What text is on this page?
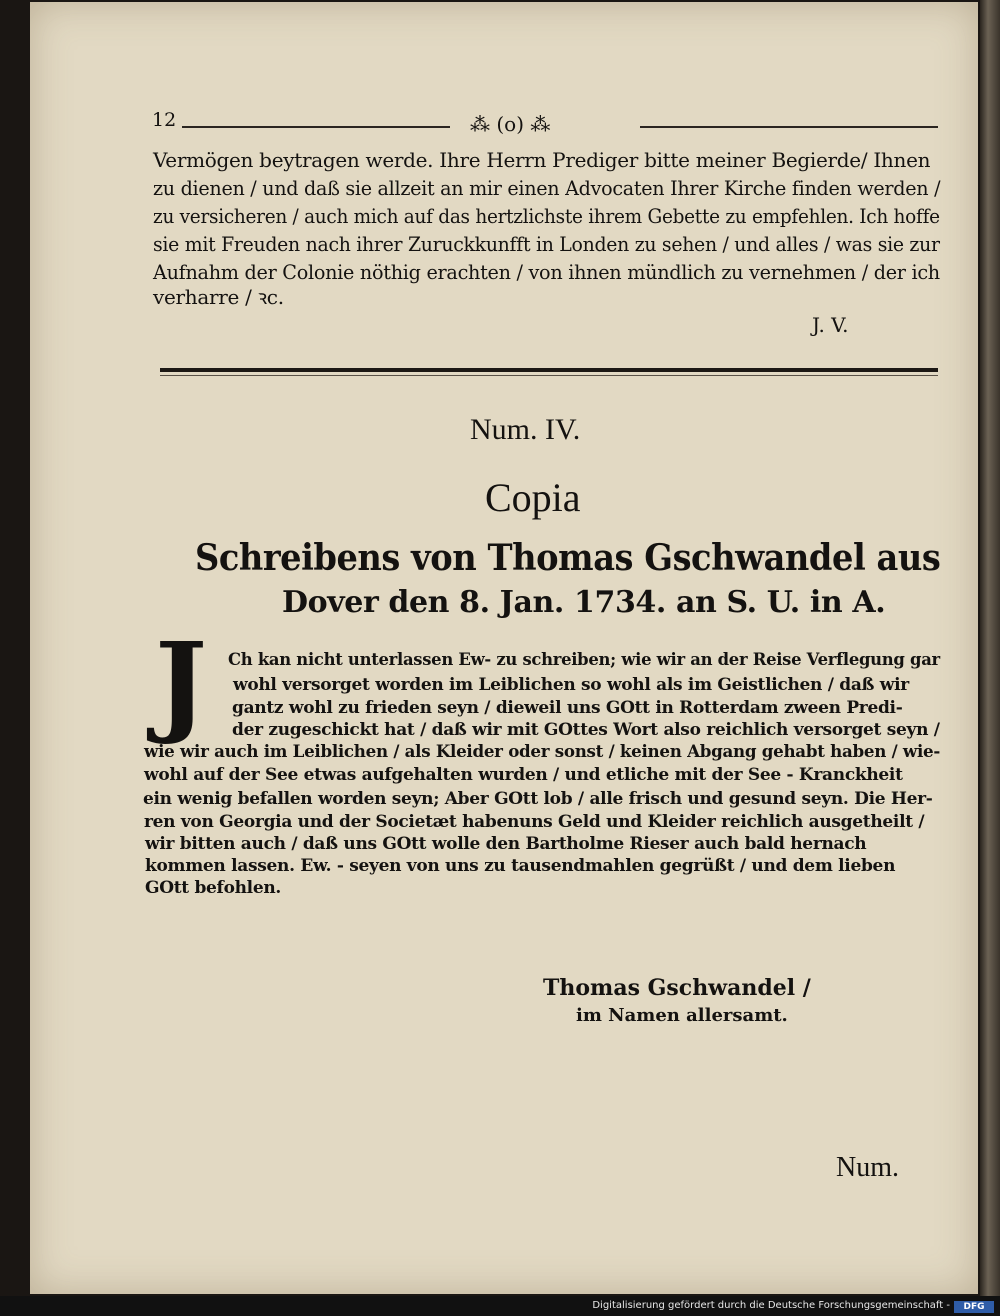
12	⁂ (o) ⁂
Vermögen beytragen werde. Ihre Herrn Prediger bitte meiner Begierde/ Ihnen
zu dienen / und daß sie allzeit an mir einen Advocaten Ihrer Kirche finden werden /
zu versicheren / auch mich auf das hertzlichste ihrem Gebette zu empfehlen. Ich hoffe
sie mit Freuden nach ihrer Zuruckkunfft in Londen zu sehen / und alles / was sie zur
Aufnahm der Colonie nöthig erachten / von ihnen mündlich zu vernehmen / der ich
verharre / ꝛc.
J. V.
Num. IV.
Copia
Schreibens von Thomas Gschwandel aus
Dover den 8. Jan. 1734. an S. U. in A.
J	Ch kan nicht unterlassen Ew- zu schreiben; wie wir an der Reise Verflegung gar
wohl versorget worden im Leiblichen so wohl als im Geistlichen / daß wir
gantz wohl zu frieden seyn / dieweil uns GOtt in Rotterdam zween Predi-
der zugeschickt hat / daß wir mit GOttes Wort also reichlich versorget seyn /
wie wir auch im Leiblichen / als Kleider oder sonst / keinen Abgang gehabt haben / wie-
wohl auf der See etwas aufgehalten wurden / und etliche mit der See - Kranckheit
ein wenig befallen worden seyn; Aber GOtt lob / alle frisch und gesund seyn. Die Her-
ren von Georgia und der Societæt habenuns Geld und Kleider reichlich ausgetheilt /
wir bitten auch / daß uns GOtt wolle den Bartholme Rieser auch bald hernach
kommen lassen. Ew. - seyen von uns zu tausendmahlen gegrüßt / und dem lieben
GOtt befohlen.
Thomas Gschwandel /
im Namen allersamt.
Num.
Digitalisierung gefördert durch die Deutsche Forschungsgemeinschaft -	DFG
